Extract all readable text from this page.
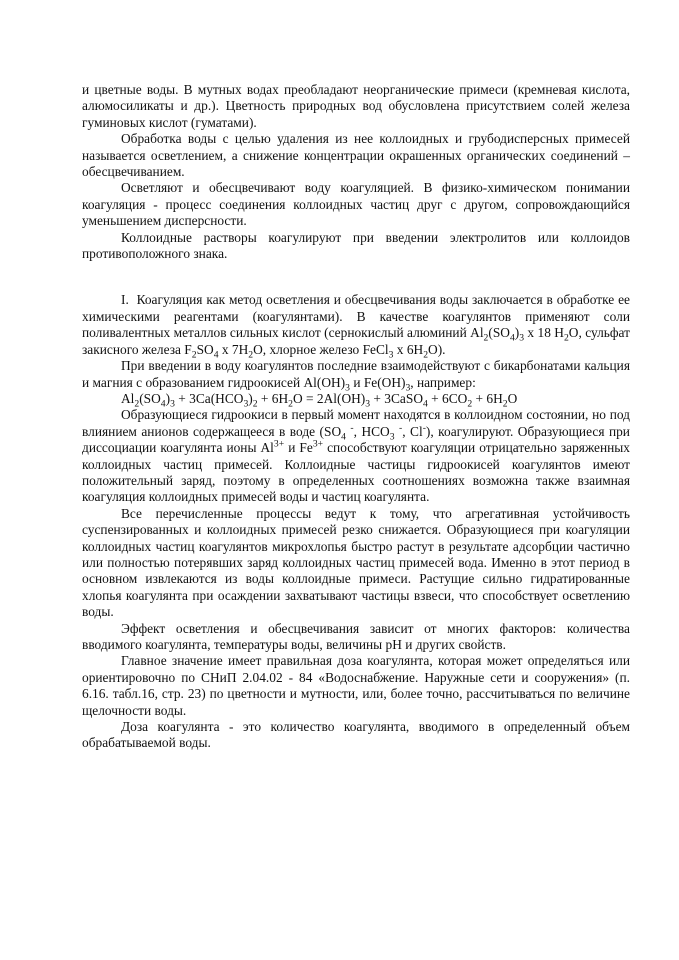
и цветные воды. В мутных водах преобладают неорганические примеси (кремневая кислота, алюмосиликаты и др.). Цветность природных вод обусловлена присутствием солей железа гуминовых кислот (гуматами).

Обработка воды с целью удаления из нее коллоидных и грубодисперсных примесей называется осветлением, а снижение концентрации окрашенных органических соединений – обесцвечиванием.

Осветляют и обесцвечивают воду коагуляцией. В физико-химическом понимании коагуляция - процесс соединения коллоидных частиц друг с другом, сопровождающийся уменьшением дисперсности.

Коллоидные растворы коагулируют при введении электролитов или коллоидов противоположного знака.

I.  Коагуляция как метод осветления и обесцвечивания воды заключается в обработке ее химическими реагентами (коагулянтами). В качестве коагулянтов применяют соли поливалентных металлов сильных кислот (сернокислый алюминий $Al_2(SO_4)_3$ х 18 $H_2O$, сульфат закисного железа $F_2SO_4$ х $7H_2O$, хлорное железо FeCl$_3$ х $6H_2O$).

При введении в воду коагулянтов последние взаимодействуют с бикарбонатами кальция и магния с образованием гидроокисей $Al(OH)_3$ и $Fe(OH)_3$, например:

$Al_2(SO_4)_3 + 3Ca(HCO_3)_2 + 6H_2O = 2Al(OH)_3$ + 3CaSO$_4$ + $6CO_2 + 6H_2O$

Образующиеся гидроокиси в первый момент находятся в коллоидном состоянии, но под влиянием анионов содержащееся в воде ($SO_4$ -, $HCO_3$ -, Cl-), коагулируют. Образующиеся при диссоциации коагулянта ионы $Al^{3+}$ и $Fe^{3+}$ способствуют коагуляции отрицательно заряженных коллоидных частиц примесей. Коллоидные частицы гидроокисей коагулянтов имеют положительный заряд, поэтому в определенных соотношениях возможна также взаимная коагуляция коллоидных примесей воды и частиц коагулянта.

Все перечисленные процессы ведут к тому, что агрегативная устойчивость суспензированных и коллоидных примесей резко снижается. Образующиеся при коагуляции коллоидных частиц коагулянтов микрохлопья быстро растут в результате адсорбции частично или полностью потерявших заряд коллоидных частиц примесей вода. Именно в этот период в основном извлекаются из воды коллоидные примеси. Растущие сильно гидратированные хлопья коагулянта при осаждении захватывают частицы взвеси, что способствует осветлению воды.

Эффект осветления и обесцвечивания зависит от многих факторов: количества вводимого коагулянта, температуры воды, величины pH и других свойств.

Главное значение имеет правильная доза коагулянта, которая может определяться или ориентировочно по СНиП 2.04.02 - 84 «Водоснабжение. Наружные сети и сооружения» (п. 6.16. табл.16, стр. 23) по цветности и мутности, или, более точно, рассчитываться по величине щелочности воды.

Доза коагулянта - это количество коагулянта, вводимого в определенный объем обрабатываемой воды.
